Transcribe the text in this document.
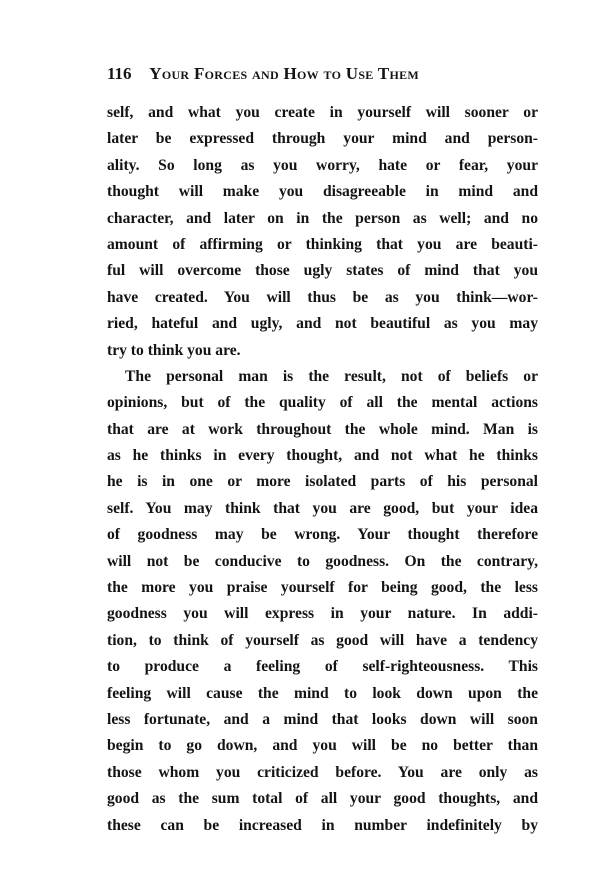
116 Your Forces and How to Use Them
self, and what you create in yourself will sooner or
later be expressed through your mind and person-
ality. So long as you worry, hate or fear, your
thought will make you disagreeable in mind and
character, and later on in the person as well; and no
amount of affirming or thinking that you are beauti-
ful will overcome those ugly states of mind that you
have created. You will thus be as you think—wor-
ried, hateful and ugly, and not beautiful as you may
try to think you are.
The personal man is the result, not of beliefs or
opinions, but of the quality of all the mental actions
that are at work throughout the whole mind. Man is
as he thinks in every thought, and not what he thinks
he is in one or more isolated parts of his personal
self. You may think that you are good, but your idea
of goodness may be wrong. Your thought therefore
will not be conducive to goodness. On the contrary,
the more you praise yourself for being good, the less
goodness you will express in your nature. In addi-
tion, to think of yourself as good will have a tendency
to produce a feeling of self-righteousness. This
feeling will cause the mind to look down upon the
less fortunate, and a mind that looks down will soon
begin to go down, and you will be no better than
those whom you criticized before. You are only as
good as the sum total of all your good thoughts, and
these can be increased in number indefinitely by
